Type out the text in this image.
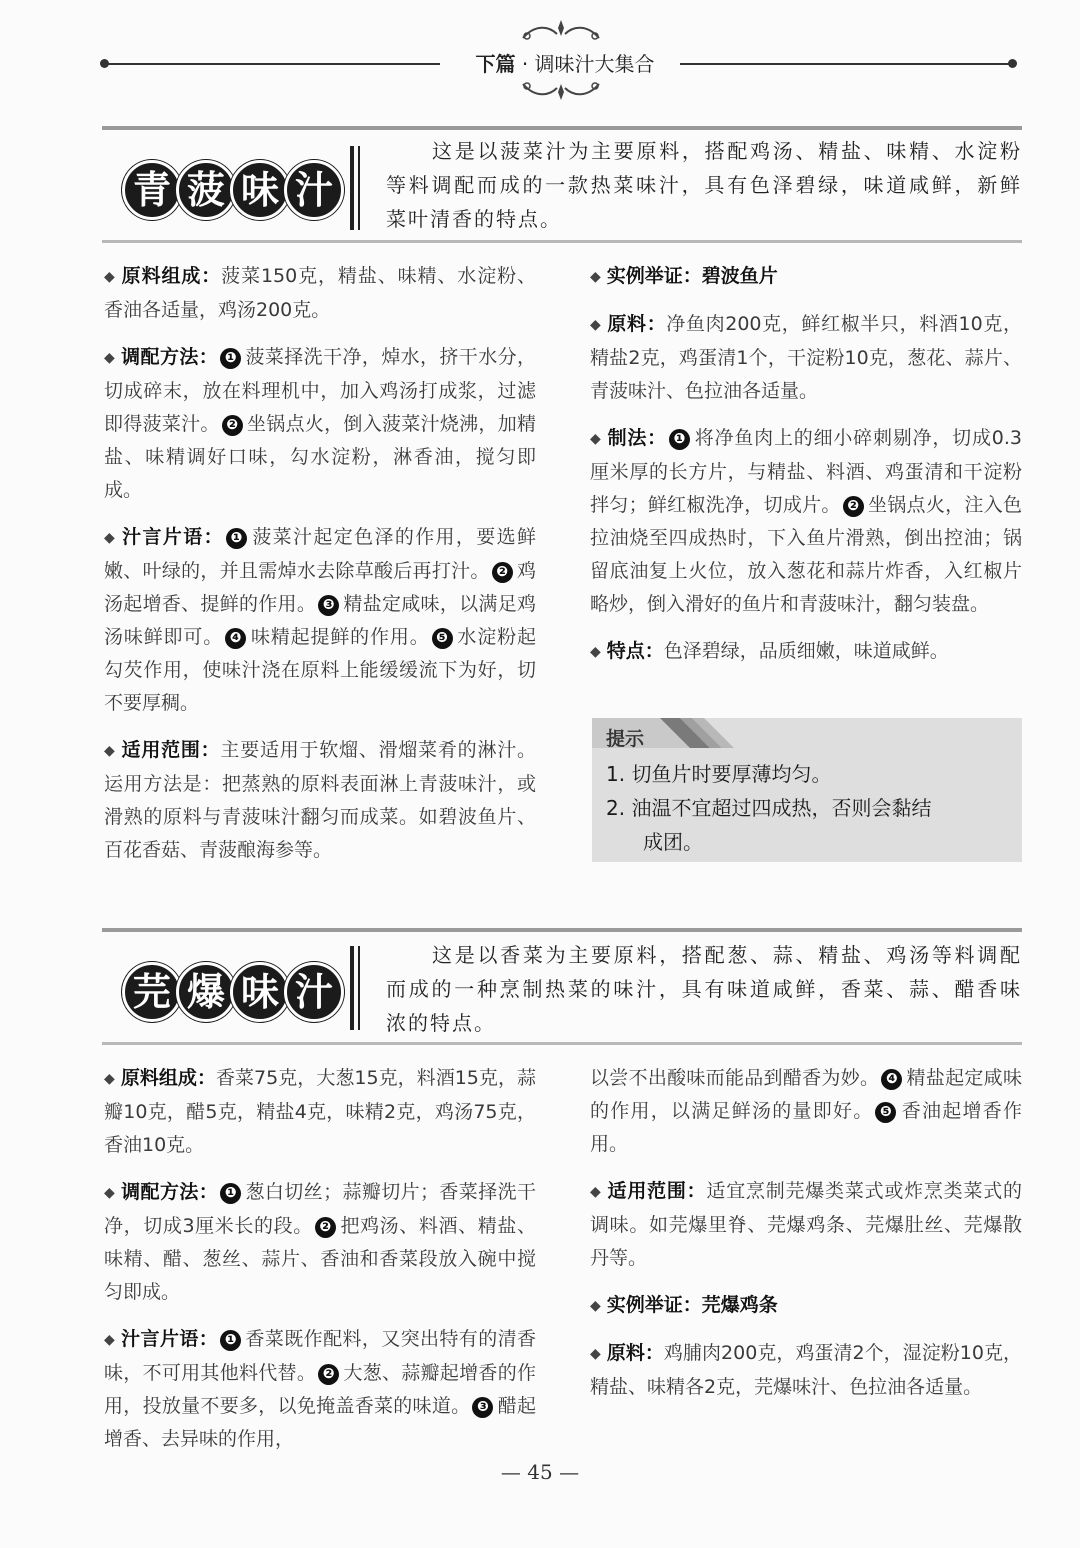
下篇 · 调味汁大集合
青 菠 味 汁
这是以菠菜汁为主要原料，搭配鸡汤、精盐、味精、水淀粉等料调配而成的一款热菜味汁，具有色泽碧绿，味道咸鲜，新鲜菜叶清香的特点。

◆ 原料组成：菠菜150克，精盐、味精、水淀粉、香油各适量，鸡汤200克。

◆ 调配方法： ❶ 菠菜择洗干净，焯水，挤干水分，切成碎末，放在料理机中，加入鸡汤打成浆，过滤即得菠菜汁。 ❷ 坐锅点火，倒入菠菜汁烧沸，加精盐、味精调好口味，勾水淀粉，淋香油，搅匀即成。

◆ 汁言片语： ❶ 菠菜汁起定色泽的作用，要选鲜嫩、叶绿的，并且需焯水去除草酸后再打汁。 ❷ 鸡汤起增香、提鲜的作用。 ❸ 精盐定咸味，以满足鸡汤味鲜即可。 ❹ 味精起提鲜的作用。 ❺ 水淀粉起勾芡作用，使味汁浇在原料上能缓缓流下为好，切不要厚稠。

◆ 适用范围：主要适用于软熘、滑熘菜肴的淋汁。运用方法是：把蒸熟的原料表面淋上青菠味汁，或滑熟的原料与青菠味汁翻匀而成菜。如碧波鱼片、百花香菇、青菠酿海参等。

◆ 实例举证：碧波鱼片

◆ 原料：净鱼肉200克，鲜红椒半只，料酒10克，精盐2克，鸡蛋清1个，干淀粉10克，葱花、蒜片、青菠味汁、色拉油各适量。

◆ 制法： ❶ 将净鱼肉上的细小碎刺剔净，切成0.3厘米厚的长方片，与精盐、料酒、鸡蛋清和干淀粉拌匀；鲜红椒洗净，切成片。 ❷ 坐锅点火，注入色拉油烧至四成热时，下入鱼片滑熟，倒出控油；锅留底油复上火位，放入葱花和蒜片炸香，入红椒片略炒，倒入滑好的鱼片和青菠味汁，翻匀装盘。

◆ 特点：色泽碧绿，品质细嫩，味道咸鲜。

提示
1. 切鱼片时要厚薄均匀。
2. 油温不宜超过四成热，否则会黏结
成团。
芫 爆 味 汁
这是以香菜为主要原料，搭配葱、蒜、精盐、鸡汤等料调配而成的一种烹制热菜的味汁，具有味道咸鲜，香菜、蒜、醋香味浓的特点。

◆ 原料组成：香菜75克，大葱15克，料酒15克，蒜瓣10克，醋5克，精盐4克，味精2克，鸡汤75克，香油10克。

◆ 调配方法： ❶ 葱白切丝；蒜瓣切片；香菜择洗干净，切成3厘米长的段。 ❷ 把鸡汤、料酒、精盐、味精、醋、葱丝、蒜片、香油和香菜段放入碗中搅匀即成。

◆ 汁言片语： ❶ 香菜既作配料，又突出特有的清香味，不可用其他料代替。 ❷ 大葱、蒜瓣起增香的作用，投放量不要多，以免掩盖香菜的味道。 ❸ 醋起增香、去异味的作用，

以尝不出酸味而能品到醋香为妙。 ❹ 精盐起定咸味的作用，以满足鲜汤的量即好。 ❺ 香油起增香作用。

◆ 适用范围：适宜烹制芫爆类菜式或炸烹类菜式的调味。如芫爆里脊、芫爆鸡条、芫爆肚丝、芫爆散丹等。

◆ 实例举证：芫爆鸡条

◆ 原料：鸡脯肉200克，鸡蛋清2个，湿淀粉10克，精盐、味精各2克，芫爆味汁、色拉油各适量。

— 45 —
